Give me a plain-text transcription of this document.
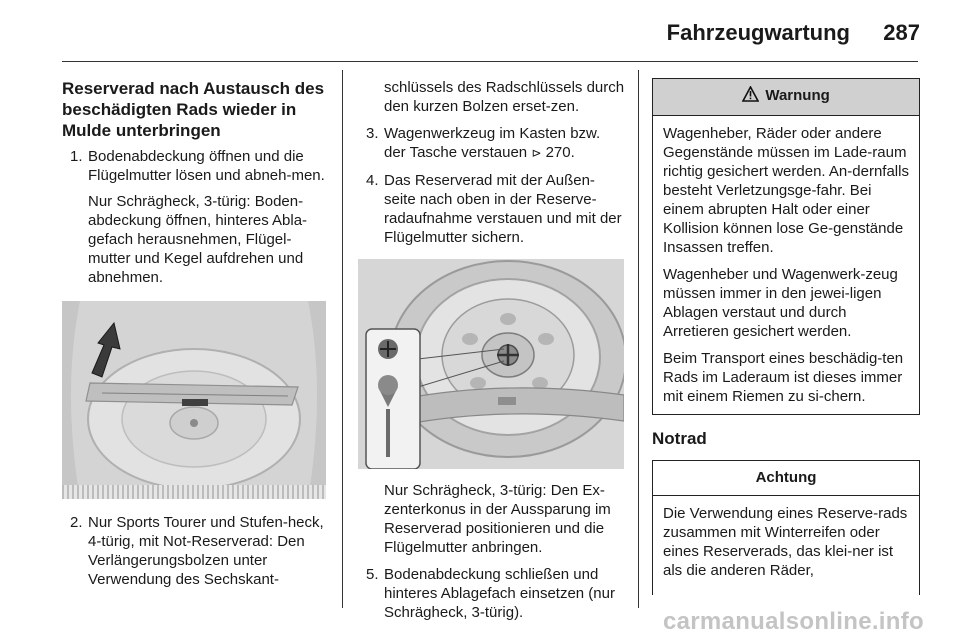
Fahrzeugwartung 287
Reserverad nach Austausch des beschädigten Rads wieder in Mulde unterbringen
1. Bodenabdeckung öffnen und die Flügelmutter lösen und abneh-men.

Nur Schrägheck, 3-türig: Boden-abdeckung öffnen, hinteres Abla-gefach herausnehmen, Flügel-mutter und Kegel aufdrehen und abnehmen.

2. Nur Sports Tourer und Stufen-heck, 4-türig, mit Not-Reserverad: Den Verlängerungsbolzen unter Verwendung des Sechskant-

schlüssels des Radschlüssels durch den kurzen Bolzen erset-zen.

3. Wagenwerkzeug im Kasten bzw. der Tasche verstauen ⊳ 270.

4. Das Reserverad mit der Außen-seite nach oben in der Reserve-radaufnahme verstauen und mit der Flügelmutter sichern.

Nur Schrägheck, 3-türig: Den Ex-zenterkonus in der Aussparung im Reserverad positionieren und die Flügelmutter anbringen.

5. Bodenabdeckung schließen und hinteres Ablagefach einsetzen (nur Schrägheck, 3-türig).

Warnung

Wagenheber, Räder oder andere Gegenstände müssen im Lade-raum richtig gesichert werden. An-dernfalls besteht Verletzungsge-fahr. Bei einem abrupten Halt oder einer Kollision können lose Ge-genstände Insassen treffen.

Wagenheber und Wagenwerk-zeug müssen immer in den jewei-ligen Ablagen verstaut und durch Arretieren gesichert werden.

Beim Transport eines beschädig-ten Rads im Laderaum ist dieses immer mit einem Riemen zu si-chern.

Notrad
Achtung

Die Verwendung eines Reserve-rads zusammen mit Winterreifen oder eines Reserverads, das klei-ner ist als die anderen Räder,

carmanualsonline.info
